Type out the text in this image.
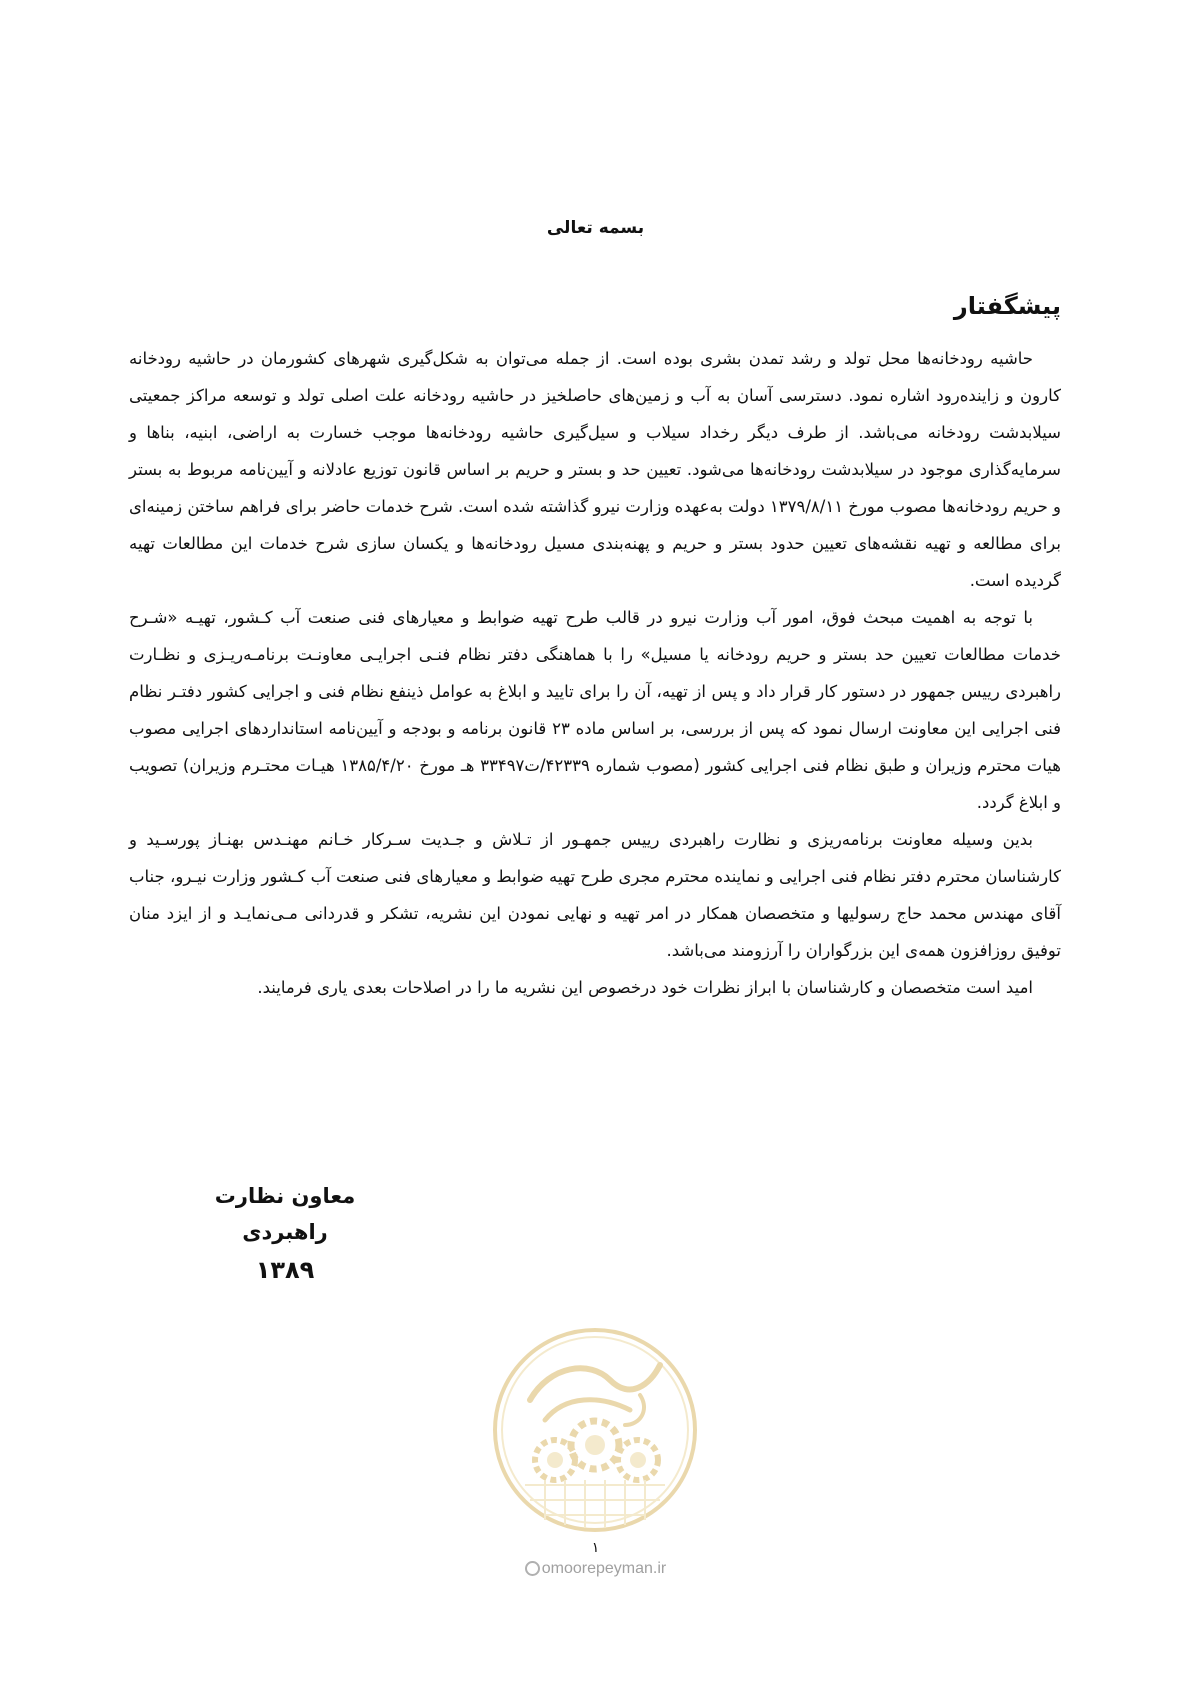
بسمه تعالی
پیشگفتار

حاشیه رودخانه‌ها محل تولد و رشد تمدن بشری بوده است. از جمله می‌توان به شکل‌گیری شهرهای کشورمان در حاشیه رودخانه کارون و زاینده‌رود اشاره نمود. دسترسی آسان به آب و زمین‌های حاصلخیز در حاشیه رودخانه علت اصلی تولد و توسعه مراکز جمعیتی سیلابدشت رودخانه می‌باشد. از طرف دیگر رخداد سیلاب و سیل‌گیری حاشیه رودخانه‌ها موجب خسارت به اراضی، ابنیه، بناها و سرمایه‌گذاری موجود در سیلابدشت رودخانه‌ها می‌شود. تعیین حد و بستر و حریم بر اساس قانون توزیع عادلانه و آیین‌نامه مربوط به بستر و حریم رودخانه‌ها مصوب مورخ ۱۳۷۹/۸/۱۱ دولت به‌عهده وزارت نیرو گذاشته شده است. شرح خدمات حاضر برای فراهم ساختن زمینه‌ای برای مطالعه و تهیه نقشه‌های تعیین حدود بستر و حریم و پهنه‌بندی مسیل رودخانه‌ها و یکسان سازی شرح خدمات این مطالعات تهیه گردیده است.

با توجه به اهمیت مبحث فوق، امور آب وزارت نیرو در قالب طرح تهیه ضوابط و معیارهای فنی صنعت آب کـشور، تهیـه «شـرح خدمات مطالعات تعیین حد بستر و حریم رودخانه یا مسیل» را با هماهنگی دفتر نظام فنـی اجرایـی معاونـت برنامـه‌ریـزی و نظـارت راهبردی رییس جمهور در دستور کار قرار داد و پس از تهیه، آن را برای تایید و ابلاغ به عوامل ذینفع نظام فنی و اجرایی کشور دفتـر نظام فنی اجرایی این معاونت ارسال نمود که پس از بررسی، بر اساس ماده ۲۳ قانون برنامه و بودجه و آیین‌نامه استانداردهای اجرایی مصوب هیات محترم وزیران و طبق نظام فنی اجرایی کشور (مصوب شماره ۴۲۳۳۹/ت۳۳۴۹۷ هـ مورخ ۱۳۸۵/۴/۲۰ هیـات محتـرم وزیران) تصویب و ابلاغ گردد.

بدین وسیله معاونت برنامه‌ریزی و نظارت راهبردی رییس جمهـور از تـلاش و جـدیت سـرکار خـانم مهنـدس بهنـاز پورسـید و کارشناسان محترم دفتر نظام فنی اجرایی و نماینده محترم مجری طرح تهیه ضوابط و معیارهای فنی صنعت آب کـشور وزارت نیـرو، جناب آقای مهندس محمد حاج رسولیها و متخصصان همکار در امر تهیه و نهایی نمودن این نشریه، تشکر و قدردانی مـی‌نمایـد و از ایزد منان توفیق روزافزون همه‌ی این بزرگواران را آرزومند می‌باشد.

امید است متخصصان و کارشناسان با ابراز نظرات خود درخصوص این نشریه ما را در اصلاحات بعدی یاری فرمایند.

معاون نظارت راهبردی
۱۳۸۹
۱
omoorepeyman.ir
